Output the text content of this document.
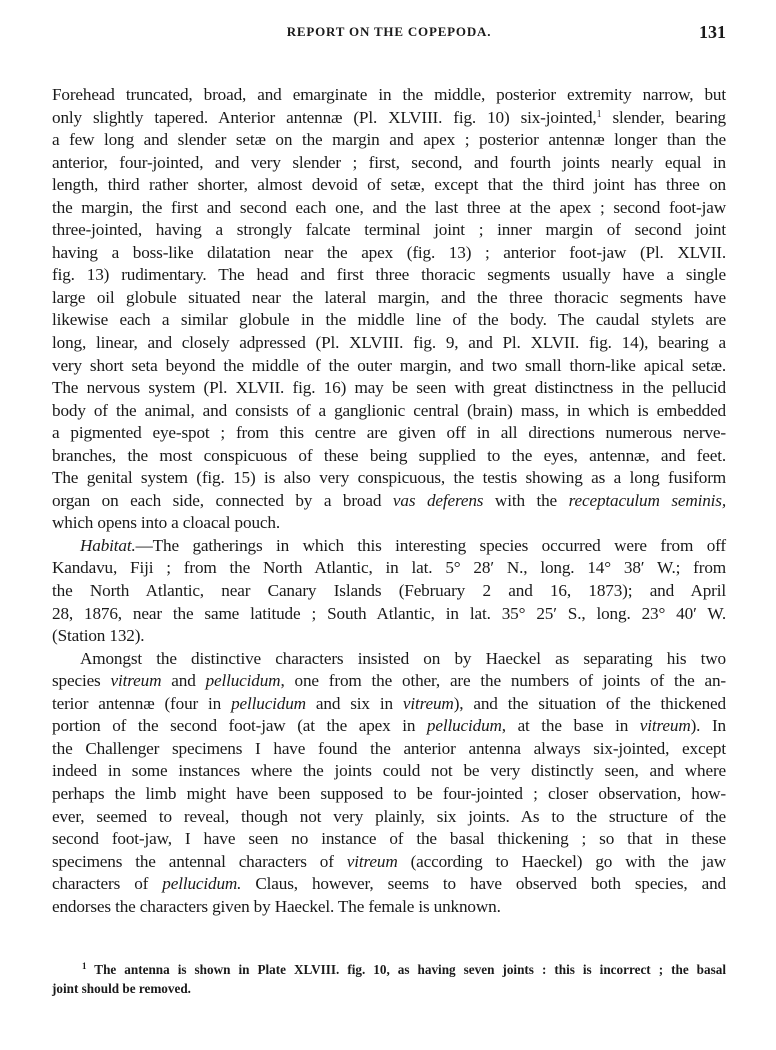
REPORT ON THE COPEPODA.	131
Forehead truncated, broad, and emarginate in the middle, posterior extremity narrow, but
only slightly tapered. Anterior antennæ (Pl. XLVIII. fig. 10) six-jointed,$^1$ slender, bearing
a few long and slender setæ on the margin and apex ; posterior antennæ longer than the
anterior, four-jointed, and very slender ; first, second, and fourth joints nearly equal in
length, third rather shorter, almost devoid of setæ, except that the third joint has three on
the margin, the first and second each one, and the last three at the apex ; second foot-jaw
three-jointed, having a strongly falcate terminal joint ; inner margin of second joint
having a boss-like dilatation near the apex (fig. 13) ; anterior foot-jaw (Pl. XLVII.
fig. 13) rudimentary. The head and first three thoracic segments usually have a single
large oil globule situated near the lateral margin, and the three thoracic segments have
likewise each a similar globule in the middle line of the body. The caudal stylets are
long, linear, and closely adpressed (Pl. XLVIII. fig. 9, and Pl. XLVII. fig. 14), bearing a
very short seta beyond the middle of the outer margin, and two small thorn-like apical setæ.
The nervous system (Pl. XLVII. fig. 16) may be seen with great distinctness in the pellucid
body of the animal, and consists of a ganglionic central (brain) mass, in which is embedded
a pigmented eye-spot ; from this centre are given off in all directions numerous nerve-
branches, the most conspicuous of these being supplied to the eyes, antennæ, and feet.
The genital system (fig. 15) is also very conspicuous, the testis showing as a long fusiform
organ on each side, connected by a broad vas deferens with the receptaculum seminis,
which opens into a cloacal pouch.
Habitat.—The gatherings in which this interesting species occurred were from off
Kandavu, Fiji ; from the North Atlantic, in lat. 5° 28′ N., long. 14° 38′ W.; from
the North Atlantic, near Canary Islands (February 2 and 16, 1873); and April
28, 1876, near the same latitude ; South Atlantic, in lat. 35° 25′ S., long. 23° 40′ W.
(Station 132).
Amongst the distinctive characters insisted on by Haeckel as separating his two
species vitreum and pellucidum, one from the other, are the numbers of joints of the an-
terior antennæ (four in pellucidum and six in vitreum), and the situation of the thickened
portion of the second foot-jaw (at the apex in pellucidum, at the base in vitreum). In
the Challenger specimens I have found the anterior antenna always six-jointed, except
indeed in some instances where the joints could not be very distinctly seen, and where
perhaps the limb might have been supposed to be four-jointed ; closer observation, how-
ever, seemed to reveal, though not very plainly, six joints. As to the structure of the
second foot-jaw, I have seen no instance of the basal thickening ; so that in these
specimens the antennal characters of vitreum (according to Haeckel) go with the jaw
characters of pellucidum. Claus, however, seems to have observed both species, and
endorses the characters given by Haeckel. The female is unknown.
$^1$ The antenna is shown in Plate XLVIII. fig. 10, as having seven joints : this is incorrect ; the basal
joint should be removed.
